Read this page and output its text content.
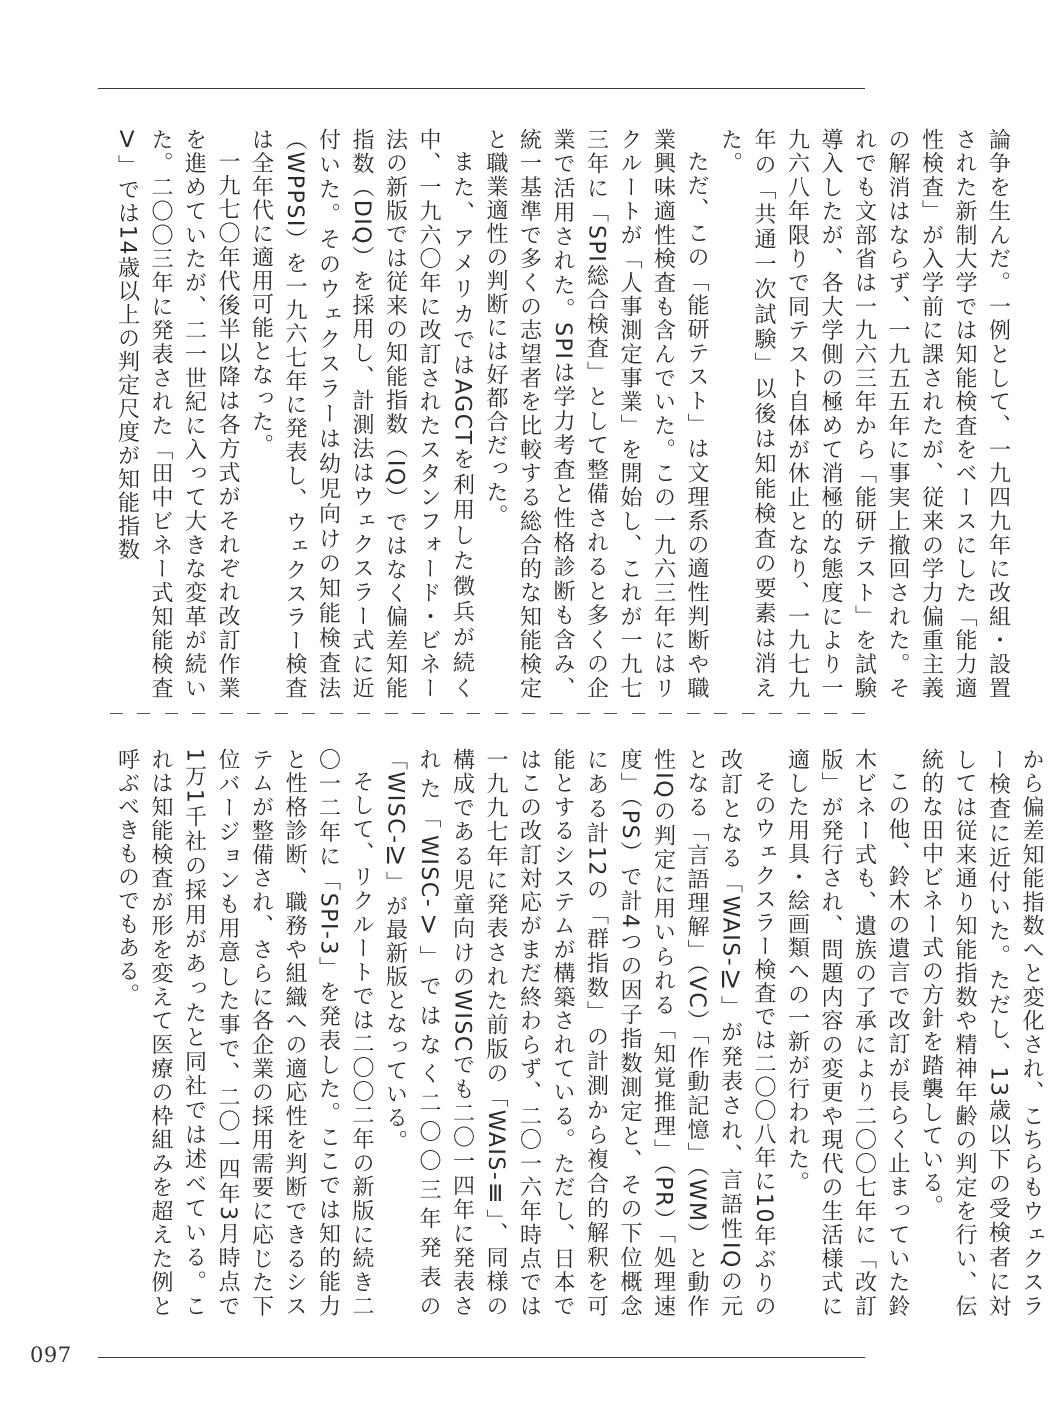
論争を生んだ。一例として、一九四九年に改組・設置された新制大学では知能検査をベースにした「能力適性検査」が入学前に課されたが、従来の学力偏重主義の解消はならず、一九五五年に事実上撤回された。それでも文部省は一九六三年から「能研テスト」を試験導入したが、各大学側の極めて消極的な態度により一九六八年限りで同テスト自体が休止となり、一九七九年の「共通一次試験」以後は知能検査の要素は消えた。

ただ、この「能研テスト」は文理系の適性判断や職業興味適性検査も含んでいた。この一九六三年にはリクルートが「人事測定事業」を開始し、これが一九七三年に「SPI総合検査」として整備されると多くの企業で活用された。SPIは学力考査と性格診断も含み、統一基準で多くの志望者を比較する総合的な知能検定と職業適性の判断には好都合だった。

また、アメリカではAGCTを利用した徴兵が続く中、一九六〇年に改訂されたスタンフォード・ビネー法の新版では従来の知能指数（IQ）ではなく偏差知能指数（DIQ）を採用し、計測法はウェクスラー式に近付いた。そのウェクスラーは幼児向けの知能検査法（WPPSI）を一九六七年に発表し、ウェクスラー検査は全年代に適用可能となった。

一九七〇年代後半以降は各方式がそれぞれ改訂作業を進めていたが、二一世紀に入って大きな変革が続いた。二〇〇三年に発表された「田中ビネー式知能検査Ⅴ」では14歳以上の判定尺度が知能指数

から偏差知能指数へと変化され、こちらもウェクスラー検査に近付いた。ただし、13歳以下の受検者に対しては従来通り知能指数や精神年齢の判定を行い、伝統的な田中ビネー式の方針を踏襲している。

この他、鈴木の遺言で改訂が長らく止まっていた鈴木ビネー式も、遺族の了承により二〇〇七年に「改訂版」が発行され、問題内容の変更や現代の生活様式に適した用具・絵画類への一新が行われた。

そのウェクスラー検査では二〇〇八年に10年ぶりの改訂となる「WAIS-Ⅳ」が発表され、言語性IQの元となる「言語理解」（VC）「作動記憶」（WM）と動作性IQの判定に用いられる「知覚推理」（PR）「処理速度」（PS）で計4つの因子指数測定と、その下位概念にある計12の「群指数」の計測から複合的解釈を可能とするシステムが構築されている。ただし、日本ではこの改訂対応がまだ終わらず、二〇一六年時点では一九九七年に発表された前版の「WAIS-Ⅲ」、同様の構成である児童向けのWISCでも二〇一四年に発表された「WISC-Ⅴ」ではなく二〇〇三年発表の「WISC-Ⅳ」が最新版となっている。

そして、リクルートでは二〇〇二年の新版に続き二〇一二年に「SPI-3」を発表した。ここでは知的能力と性格診断、職務や組織への適応性を判断できるシステムが整備され、さらに各企業の採用需要に応じた下位バージョンも用意した事で、二〇一四年3月時点で1万1千社の採用があったと同社では述べている。これは知能検査が形を変えて医療の枠組みを超えた例と呼ぶべきものでもある。

097
